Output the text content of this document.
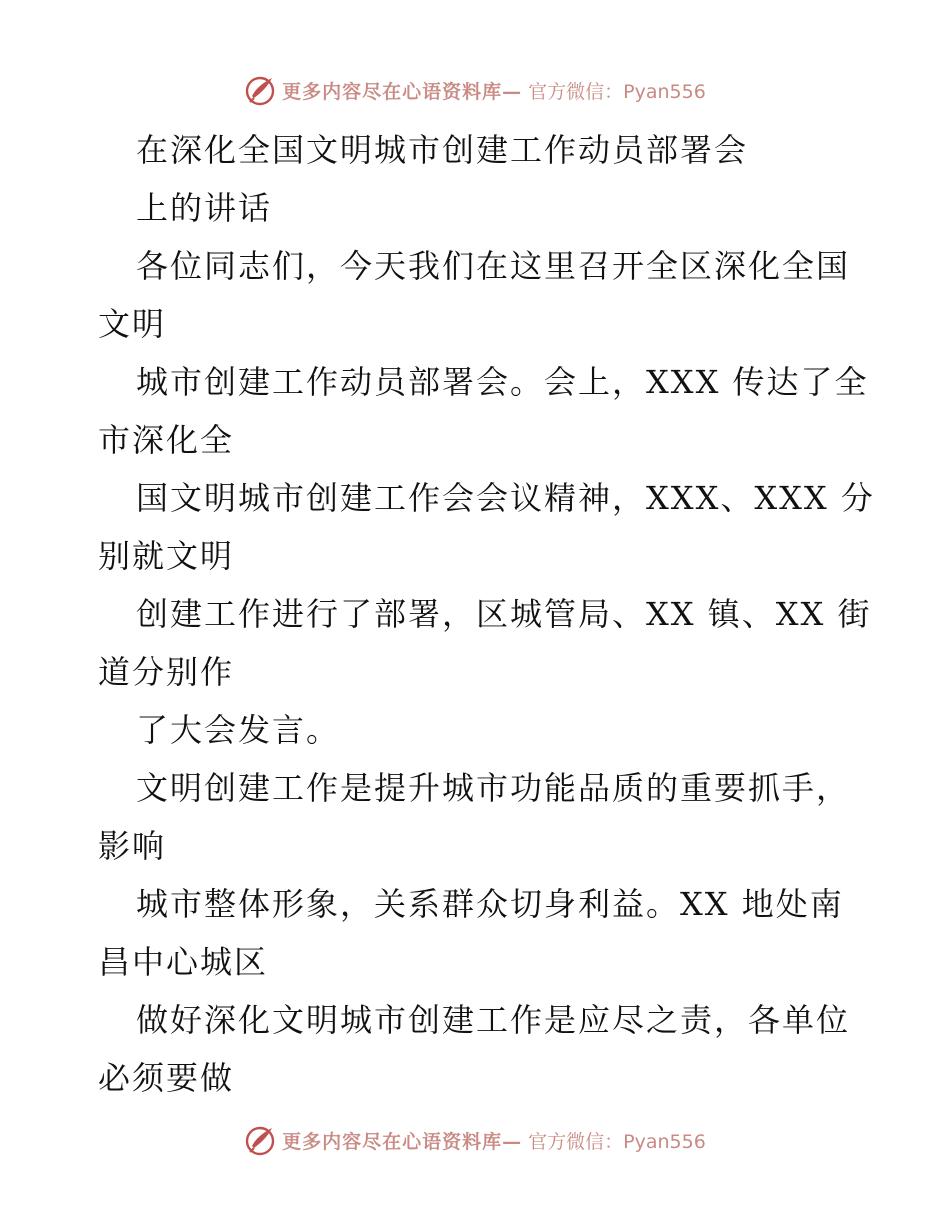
更多内容尽在心语资料库— 官方微信：Pyan556
在深化全国文明城市创建工作动员部署会
上的讲话
各位同志们，今天我们在这里召开全区深化全国
文明
城市创建工作动员部署会。会上，XXX 传达了全
市深化全
国文明城市创建工作会会议精神，XXX、XXX 分
别就文明
创建工作进行了部署，区城管局、XX 镇、XX 街
道分别作
了大会发言。
文明创建工作是提升城市功能品质的重要抓手，
影响
城市整体形象，关系群众切身利益。XX 地处南
昌中心城区
做好深化文明城市创建工作是应尽之责，各单位
必须要做
更多内容尽在心语资料库— 官方微信：Pyan556
